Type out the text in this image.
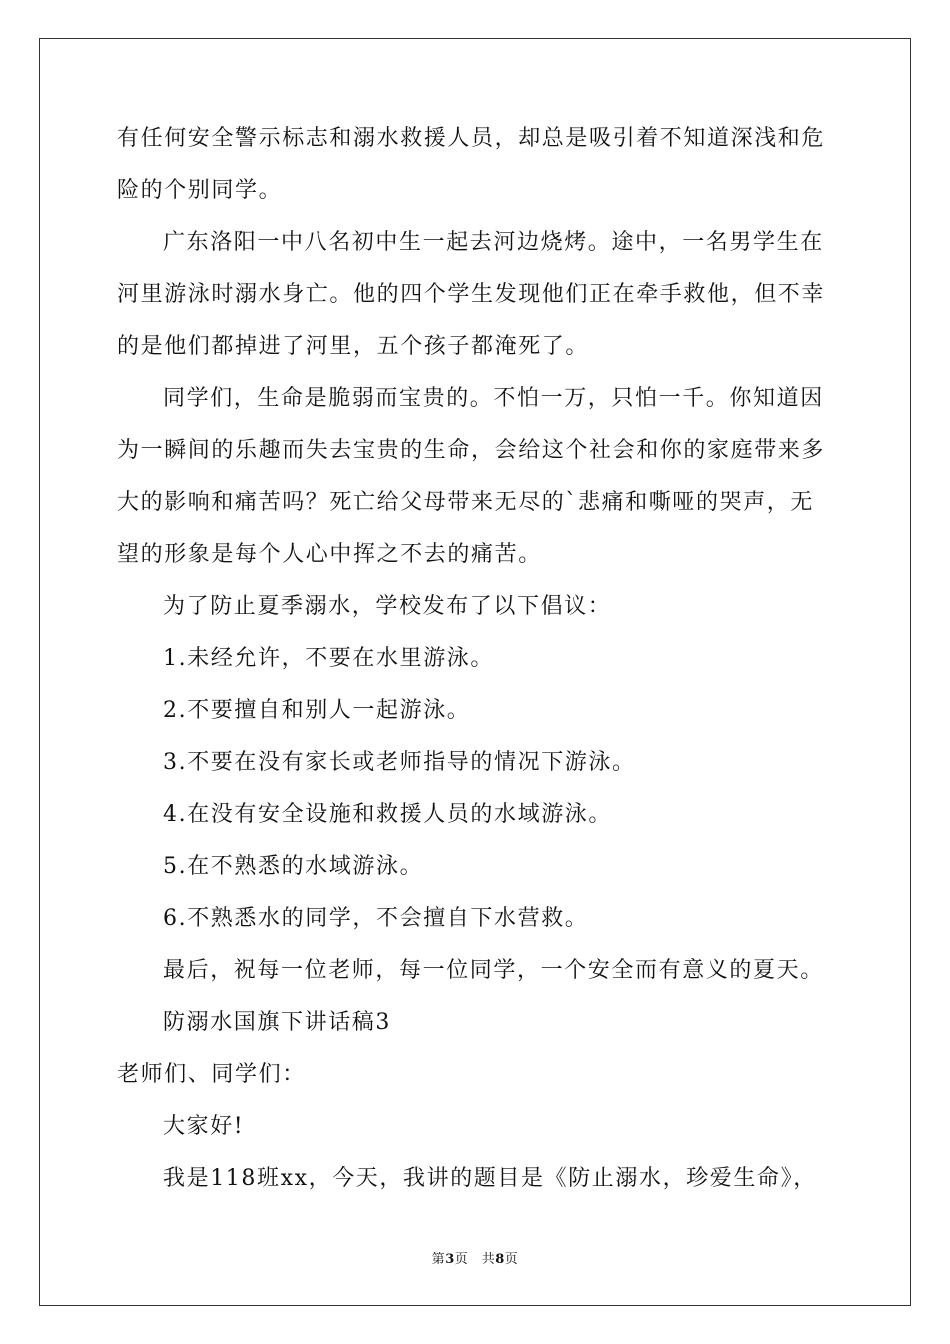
有任何安全警示标志和溺水救援人员，却总是吸引着不知道深浅和危

险的个别同学。

广东洛阳一中八名初中生一起去河边烧烤。途中，一名男学生在

河里游泳时溺水身亡。他的四个学生发现他们正在牵手救他，但不幸

的是他们都掉进了河里，五个孩子都淹死了。

同学们，生命是脆弱而宝贵的。不怕一万，只怕一千。你知道因

为一瞬间的乐趣而失去宝贵的生命，会给这个社会和你的家庭带来多

大的影响和痛苦吗？死亡给父母带来无尽的`悲痛和嘶哑的哭声，无

望的形象是每个人心中挥之不去的痛苦。

为了防止夏季溺水，学校发布了以下倡议：

1.未经允许，不要在水里游泳。

2.不要擅自和别人一起游泳。

3.不要在没有家长或老师指导的情况下游泳。

4.在没有安全设施和救援人员的水域游泳。

5.在不熟悉的水域游泳。

6.不熟悉水的同学，不会擅自下水营救。

最后，祝每一位老师，每一位同学，一个安全而有意义的夏天。

防溺水国旗下讲话稿3

老师们、同学们：

大家好!

我是118班xx，今天，我讲的题目是《防止溺水，珍爱生命》，

第3页　共8页
